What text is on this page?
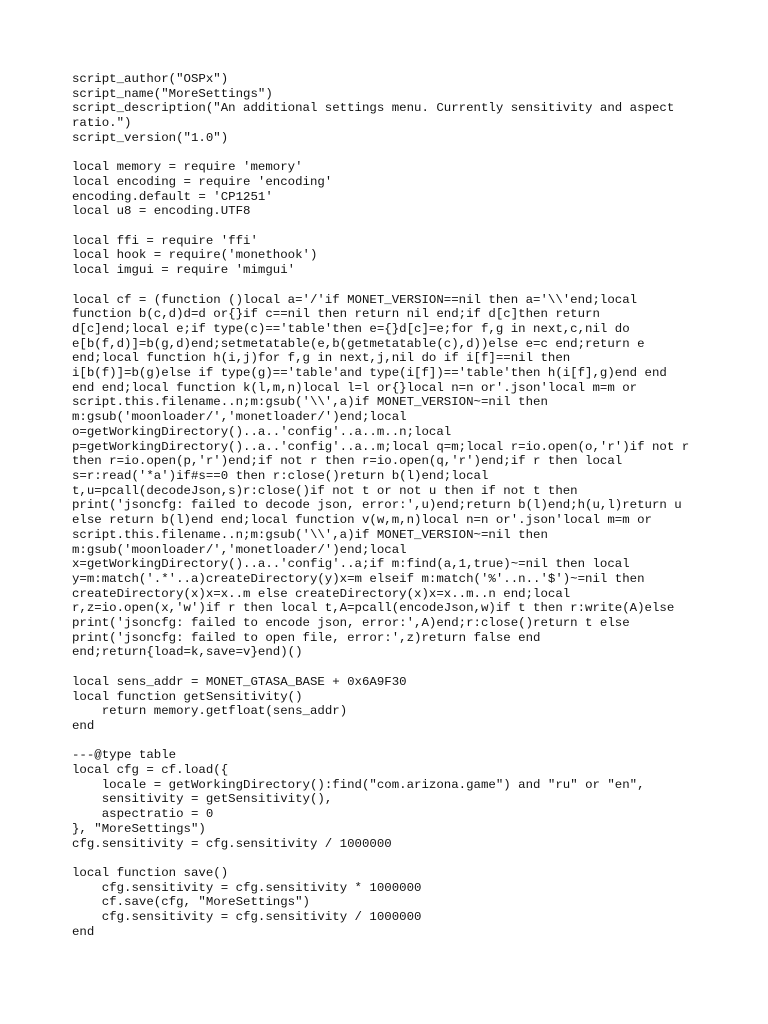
script_author("OSPx")
script_name("MoreSettings")
script_description("An additional settings menu. Currently sensitivity and aspect
ratio.")
script_version("1.0")

local memory = require 'memory'
local encoding = require 'encoding'
encoding.default = 'CP1251'
local u8 = encoding.UTF8

local ffi = require 'ffi'
local hook = require('monethook')
local imgui = require 'mimgui'

local cf = (function ()local a='/'if MONET_VERSION==nil then a='\\'end;local
function b(c,d)d=d or{}if c==nil then return nil end;if d[c]then return
d[c]end;local e;if type(c)=='table'then e={}d[c]=e;for f,g in next,c,nil do
e[b(f,d)]=b(g,d)end;setmetatable(e,b(getmetatable(c),d))else e=c end;return e
end;local function h(i,j)for f,g in next,j,nil do if i[f]==nil then
i[b(f)]=b(g)else if type(g)=='table'and type(i[f])=='table'then h(i[f],g)end end
end end;local function k(l,m,n)local l=l or{}local n=n or'.json'local m=m or
script.this.filename..n;m:gsub('\\',a)if MONET_VERSION~=nil then
m:gsub('moonloader/','monetloader/')end;local
o=getWorkingDirectory()..a..'config'..a..m..n;local
p=getWorkingDirectory()..a..'config'..a..m;local q=m;local r=io.open(o,'r')if not r
then r=io.open(p,'r')end;if not r then r=io.open(q,'r')end;if r then local
s=r:read('*a')if#s==0 then r:close()return b(l)end;local
t,u=pcall(decodeJson,s)r:close()if not t or not u then if not t then
print('jsoncfg: failed to decode json, error:',u)end;return b(l)end;h(u,l)return u
else return b(l)end end;local function v(w,m,n)local n=n or'.json'local m=m or
script.this.filename..n;m:gsub('\\',a)if MONET_VERSION~=nil then
m:gsub('moonloader/','monetloader/')end;local
x=getWorkingDirectory()..a..'config'..a;if m:find(a,1,true)~=nil then local
y=m:match('.*'..a)createDirectory(y)x=m elseif m:match('%'..n..'$')~=nil then
createDirectory(x)x=x..m else createDirectory(x)x=x..m..n end;local
r,z=io.open(x,'w')if r then local t,A=pcall(encodeJson,w)if t then r:write(A)else
print('jsoncfg: failed to encode json, error:',A)end;r:close()return t else
print('jsoncfg: failed to open file, error:',z)return false end
end;return{load=k,save=v}end)()

local sens_addr = MONET_GTASA_BASE + 0x6A9F30
local function getSensitivity()
return memory.getfloat(sens_addr)
end

---@type table
local cfg = cf.load({
locale = getWorkingDirectory():find("com.arizona.game") and "ru" or "en",
sensitivity = getSensitivity(),
aspectratio = 0
}, "MoreSettings")
cfg.sensitivity = cfg.sensitivity / 1000000

local function save()
cfg.sensitivity = cfg.sensitivity * 1000000
cf.save(cfg, "MoreSettings")
cfg.sensitivity = cfg.sensitivity / 1000000
end
